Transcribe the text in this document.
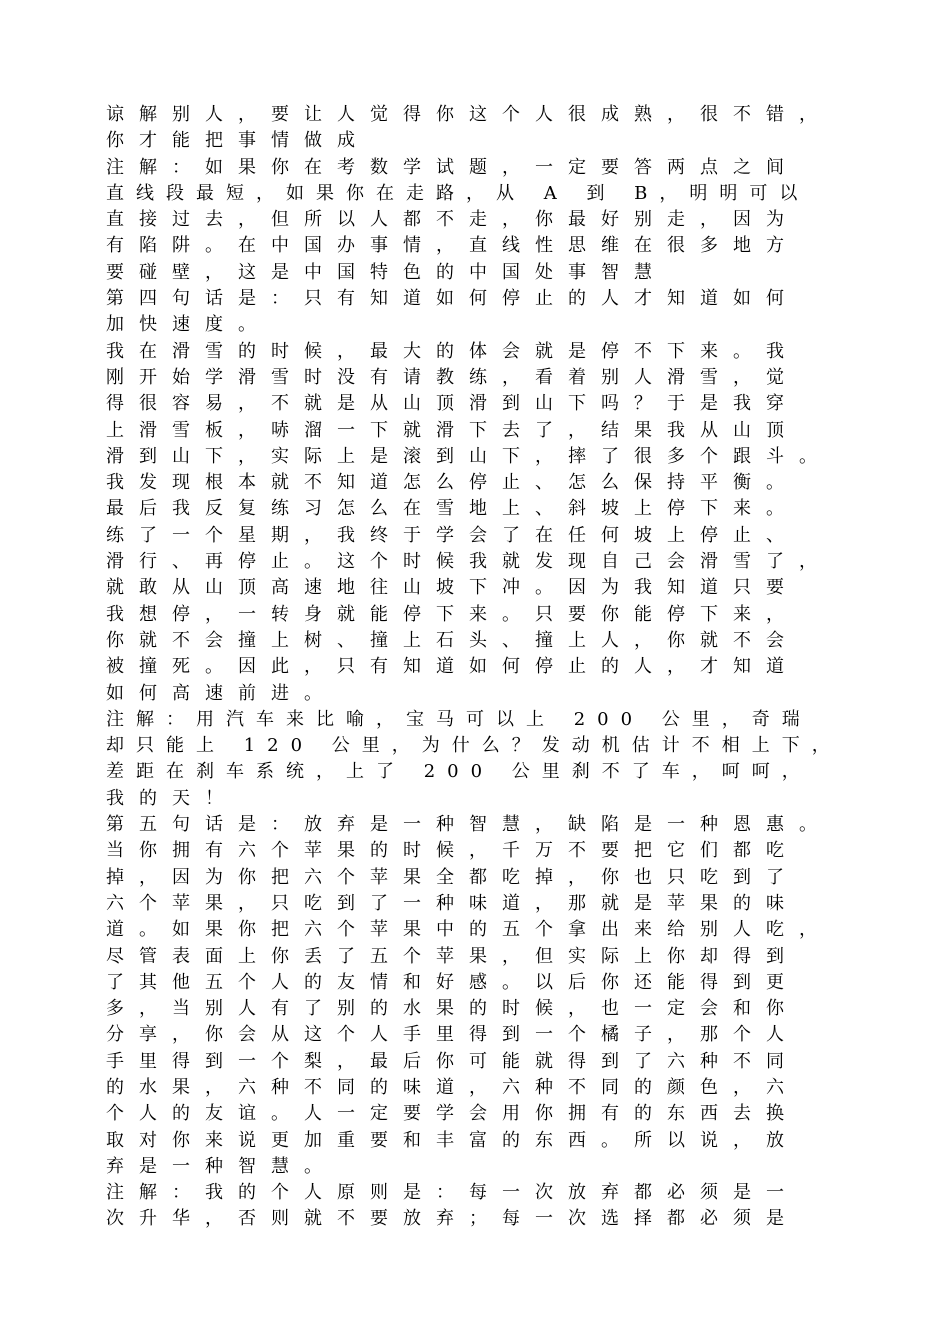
谅解别人，要让人觉得你这个人很成熟，很不错，
你才能把事情做成
注解：如果你在考数学试题，一定要答两点之间
直线段最短，如果你在走路，从 A 到 B，明明可以
直接过去，但所以人都不走，你最好别走，因为
有陷阱。在中国办事情，直线性思维在很多地方
要碰壁，这是中国特色的中国处事智慧
第四句话是：只有知道如何停止的人才知道如何
加快速度。
我在滑雪的时候，最大的体会就是停不下来。我
刚开始学滑雪时没有请教练，看着别人滑雪，觉
得很容易，不就是从山顶滑到山下吗？于是我穿
上滑雪板，哧溜一下就滑下去了，结果我从山顶
滑到山下，实际上是滚到山下，摔了很多个跟斗。
我发现根本就不知道怎么停止、怎么保持平衡。
最后我反复练习怎么在雪地上、斜坡上停下来。
练了一个星期，我终于学会了在任何坡上停止、
滑行、再停止。这个时候我就发现自己会滑雪了，
就敢从山顶高速地往山坡下冲。因为我知道只要
我想停，一转身就能停下来。只要你能停下来，
你就不会撞上树、撞上石头、撞上人，你就不会
被撞死。因此，只有知道如何停止的人，才知道
如何高速前进。
注解：用汽车来比喻，宝马可以上 200 公里，奇瑞
却只能上 120 公里，为什么？发动机估计不相上下，
差距在刹车系统，上了 200 公里刹不了车，呵呵，
我的天！
第五句话是：放弃是一种智慧，缺陷是一种恩惠。
当你拥有六个苹果的时候，千万不要把它们都吃
掉，因为你把六个苹果全都吃掉，你也只吃到了
六个苹果，只吃到了一种味道，那就是苹果的味
道。如果你把六个苹果中的五个拿出来给别人吃，
尽管表面上你丢了五个苹果，但实际上你却得到
了其他五个人的友情和好感。以后你还能得到更
多，当别人有了别的水果的时候，也一定会和你
分享，你会从这个人手里得到一个橘子，那个人
手里得到一个梨，最后你可能就得到了六种不同
的水果，六种不同的味道，六种不同的颜色，六
个人的友谊。人一定要学会用你拥有的东西去换
取对你来说更加重要和丰富的东西。所以说，放
弃是一种智慧。
注解：我的个人原则是：每一次放弃都必须是一
次升华，否则就不要放弃；每一次选择都必须是
